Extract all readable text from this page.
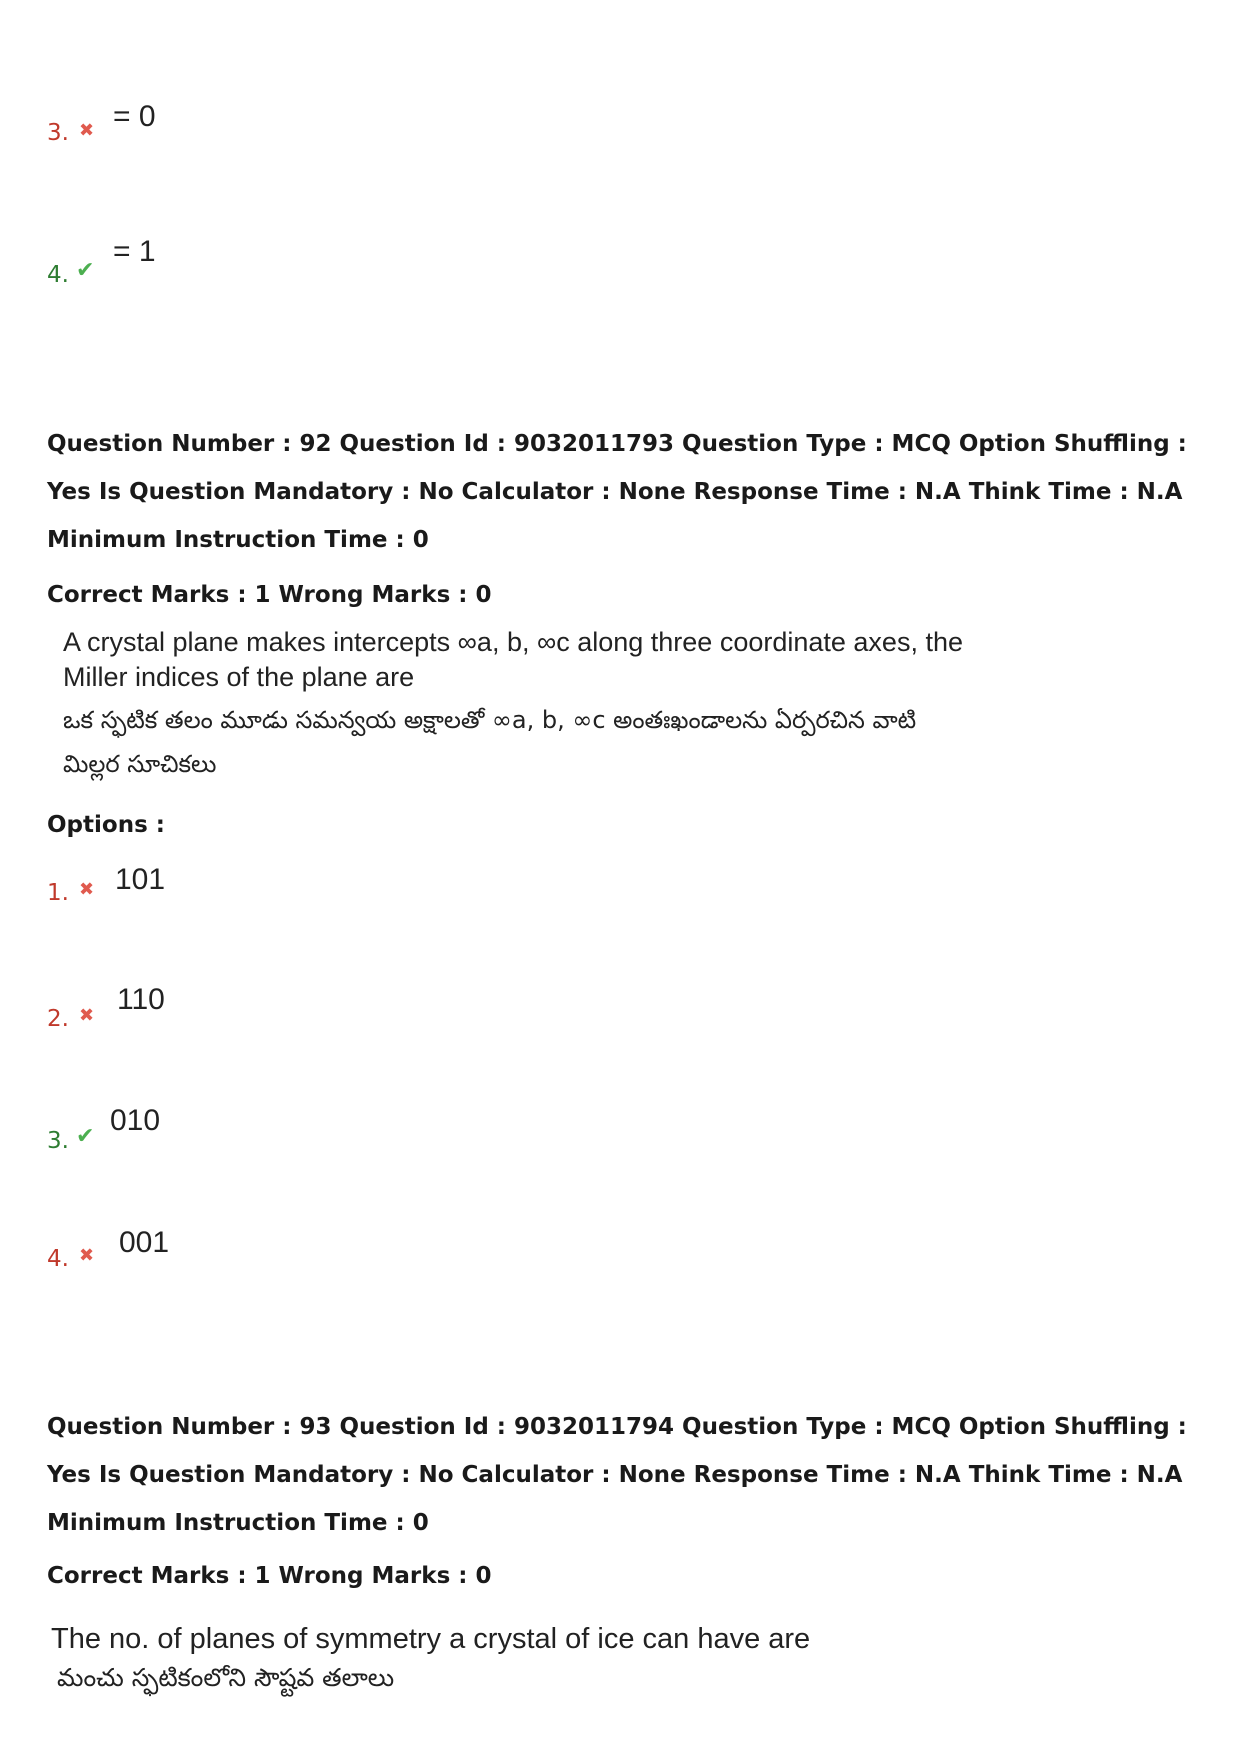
3. ✖ = 0
4. ✔
= 1
Question Number : 92 Question Id : 9032011793 Question Type : MCQ Option Shuffling : Yes Is Question Mandatory : No Calculator : None Response Time : N.A Think Time : N.A Minimum Instruction Time : 0
Correct Marks : 1 Wrong Marks : 0
A crystal plane makes intercepts ∞a, b, ∞c along three coordinate axes, the
Miller indices of the plane are
ఒక స్ఫటిక తలం మూడు సమన్వయ అక్షాలతో ∞a, b, ∞c అంతఃఖండాలను ఏర్పరచిన వాటి
మిల్లర సూచికలు
Options :
1. ✖ 101
2. ✖ 110
3. ✔ 010
4. ✖ 001
Question Number : 93 Question Id : 9032011794 Question Type : MCQ Option Shuffling : Yes Is Question Mandatory : No Calculator : None Response Time : N.A Think Time : N.A Minimum Instruction Time : 0
Correct Marks : 1 Wrong Marks : 0
The no. of planes of symmetry a crystal of ice can have are
మంచు స్ఫటికంలోని సౌష్టవ తలాలు
